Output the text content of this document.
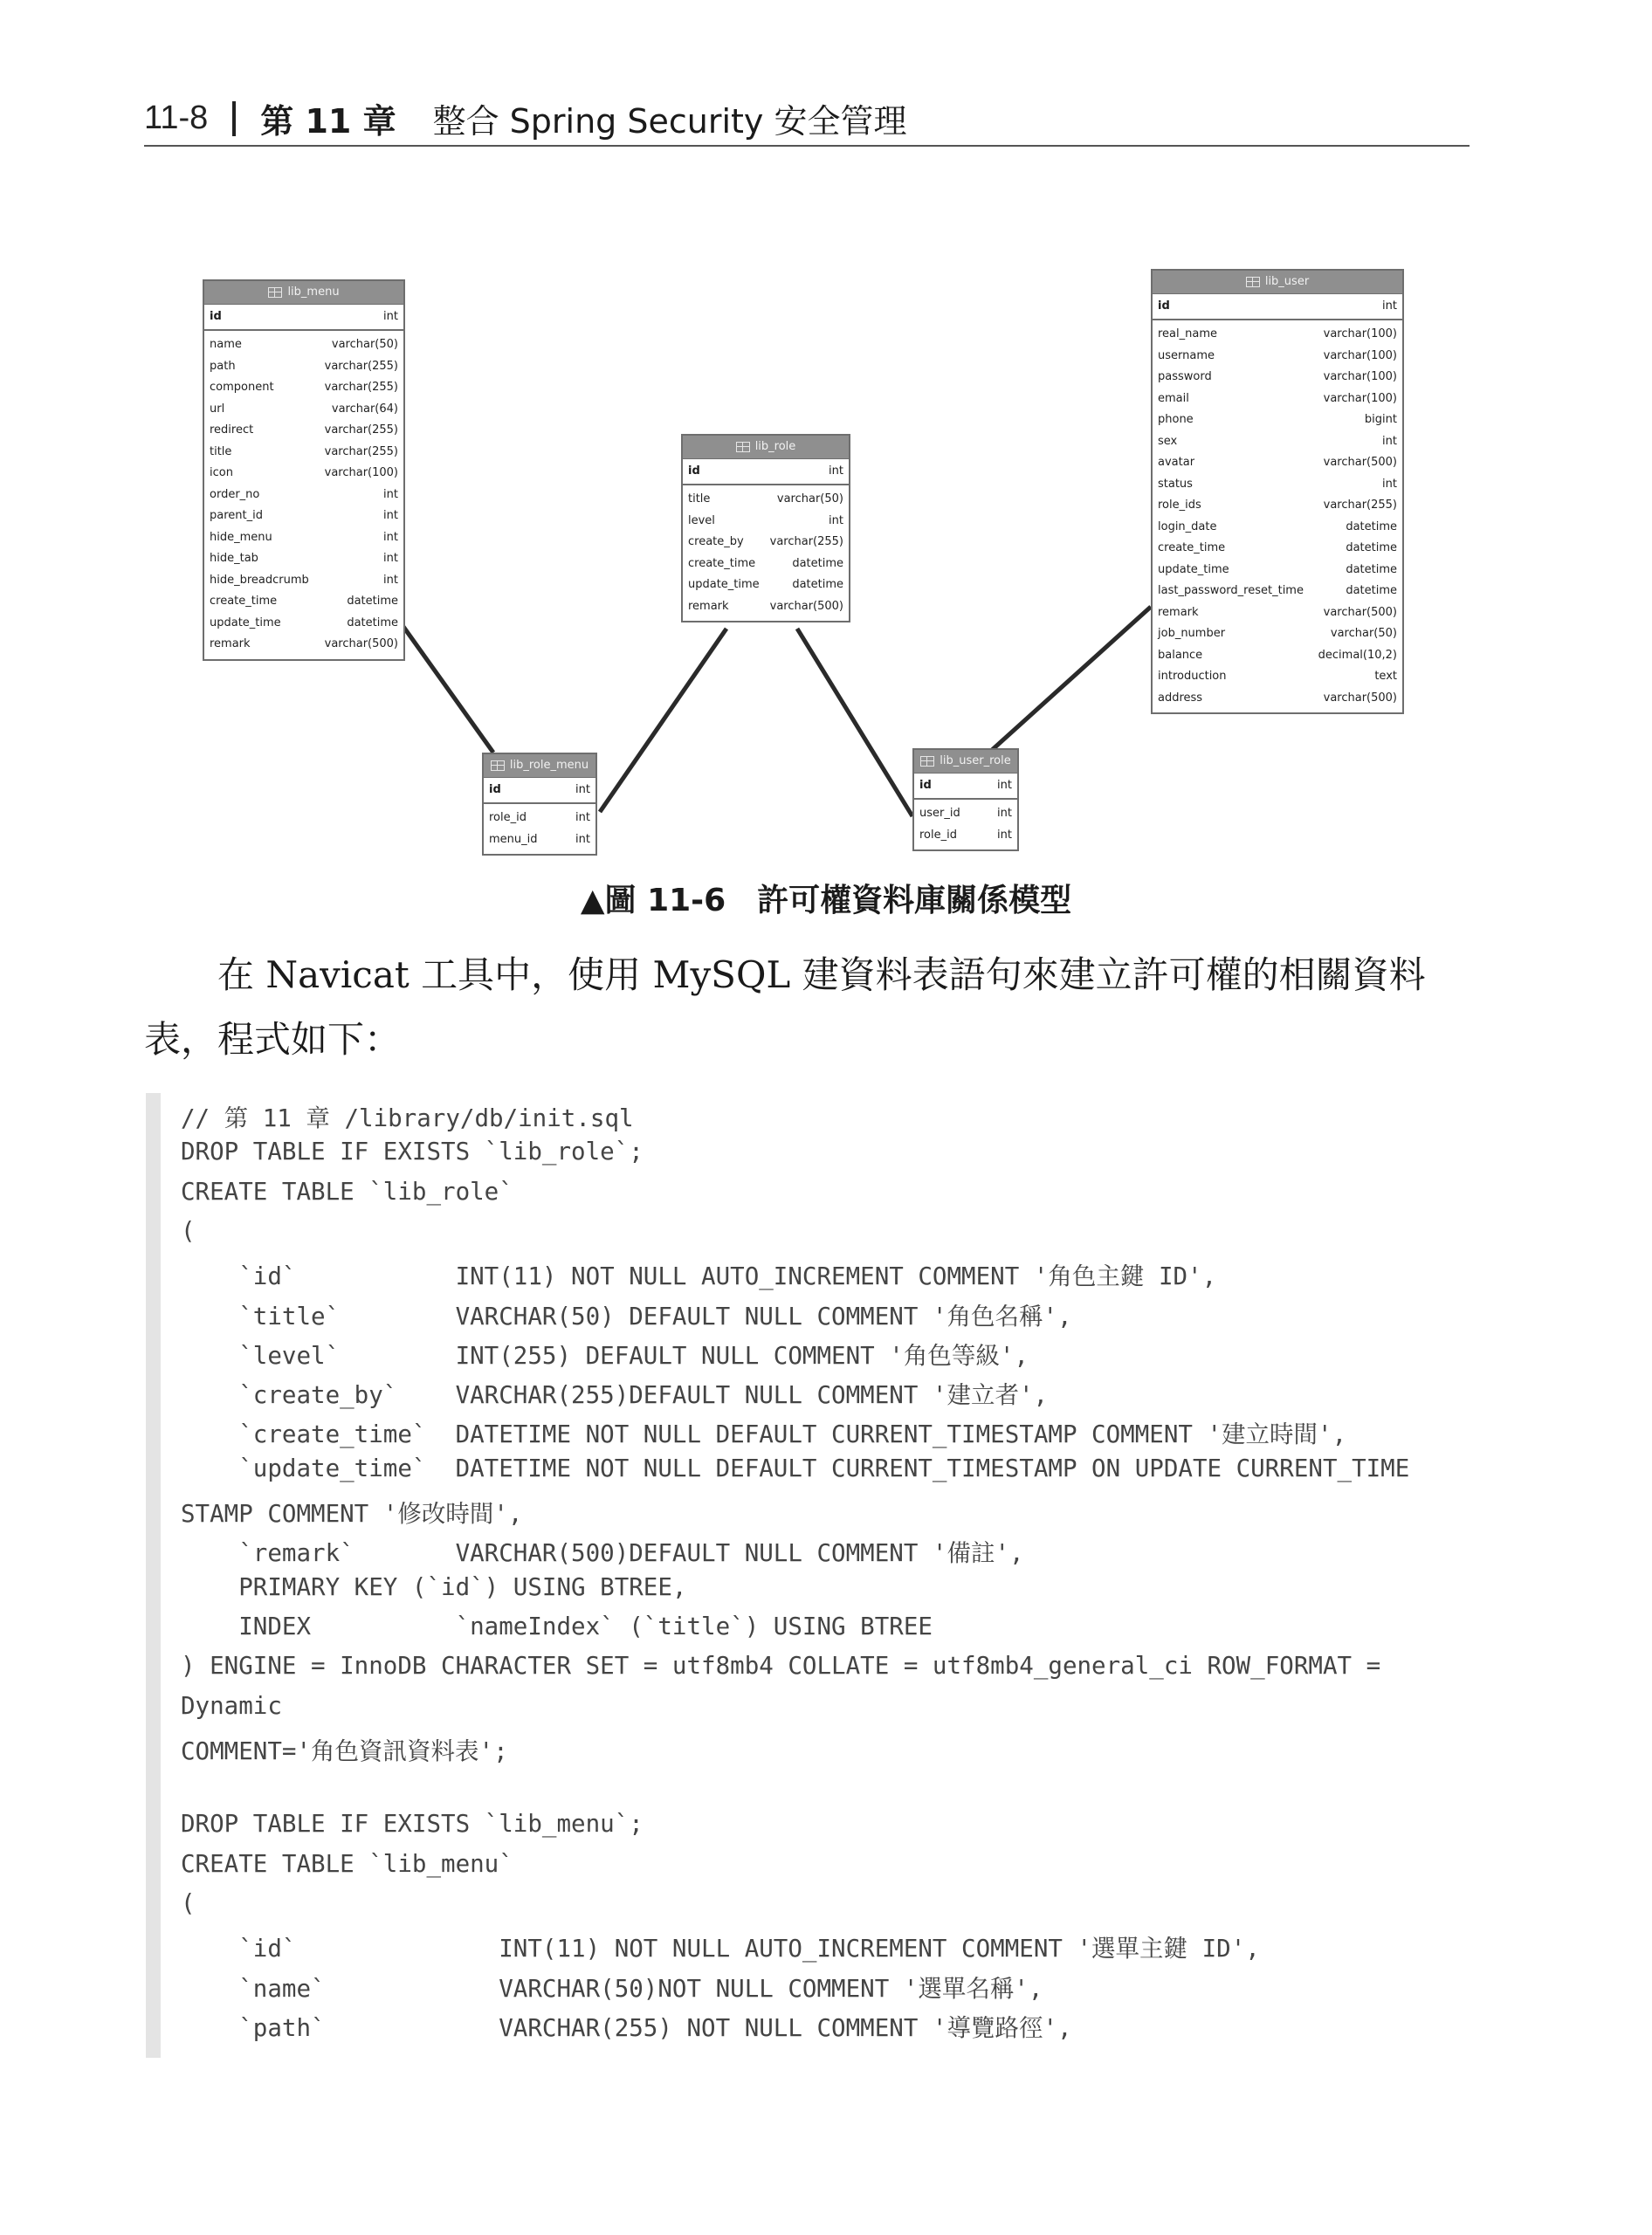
11-8 第 11 章 整合 Spring Security 安全管理
lib_menu
id	int
name	varchar(50)
path	varchar(255)
component	varchar(255)
url	varchar(64)
redirect	varchar(255)
title	varchar(255)
icon	varchar(100)
order_no	int
parent_id	int
hide_menu	int
hide_tab	int
hide_breadcrumb	int
create_time	datetime
update_time	datetime
remark	varchar(500)
lib_role
id	int
title	varchar(50)
level	int
create_by varchar(255)
create_time	datetime
update_time	datetime
remark	varchar(500)
lib_user
id	int
real_name	varchar(100)
username	varchar(100)
password	varchar(100)
email	varchar(100)
phone	bigint
sex	int
avatar	varchar(500)
status	int
role_ids	varchar(255)
login_date	datetime
create_time	datetime
update_time	datetime
last_password_reset_time	datetime
remark	varchar(500)
job_number	varchar(50)
balance	decimal(10,2)
introduction	text
address	varchar(500)
lib_role_menu
id	int
role_id	int
menu_id	int
lib_user_role
id	int
user_id	int
role_id	int
▲圖 11-6　許可權資料庫關係模型
在 Navicat 工具中，使用 MySQL 建資料表語句來建立許可權的相關資料表，程式如下：
// 第 11 章 /library/db/init.sql
DROP TABLE IF EXISTS `lib_role`;
CREATE TABLE `lib_role`
(
`id`           INT(11) NOT NULL AUTO_INCREMENT COMMENT '角色主鍵 ID',
`title`        VARCHAR(50) DEFAULT NULL COMMENT '角色名稱',
`level`        INT(255) DEFAULT NULL COMMENT '角色等級',
`create_by`    VARCHAR(255)DEFAULT NULL COMMENT '建立者',
`create_time`  DATETIME NOT NULL DEFAULT CURRENT_TIMESTAMP COMMENT '建立時間',
`update_time`  DATETIME NOT NULL DEFAULT CURRENT_TIMESTAMP ON UPDATE CURRENT_TIME
STAMP COMMENT '修改時間',
`remark`       VARCHAR(500)DEFAULT NULL COMMENT '備註',
PRIMARY KEY (`id`) USING BTREE,
INDEX          `nameIndex` (`title`) USING BTREE
) ENGINE = InnoDB CHARACTER SET = utf8mb4 COLLATE = utf8mb4_general_ci ROW_FORMAT =
Dynamic
COMMENT='角色資訊資料表';
DROP TABLE IF EXISTS `lib_menu`;
CREATE TABLE `lib_menu`
(
`id`              INT(11) NOT NULL AUTO_INCREMENT COMMENT '選單主鍵 ID',
`name`            VARCHAR(50)NOT NULL COMMENT '選單名稱',
`path`            VARCHAR(255) NOT NULL COMMENT '導覽路徑',
